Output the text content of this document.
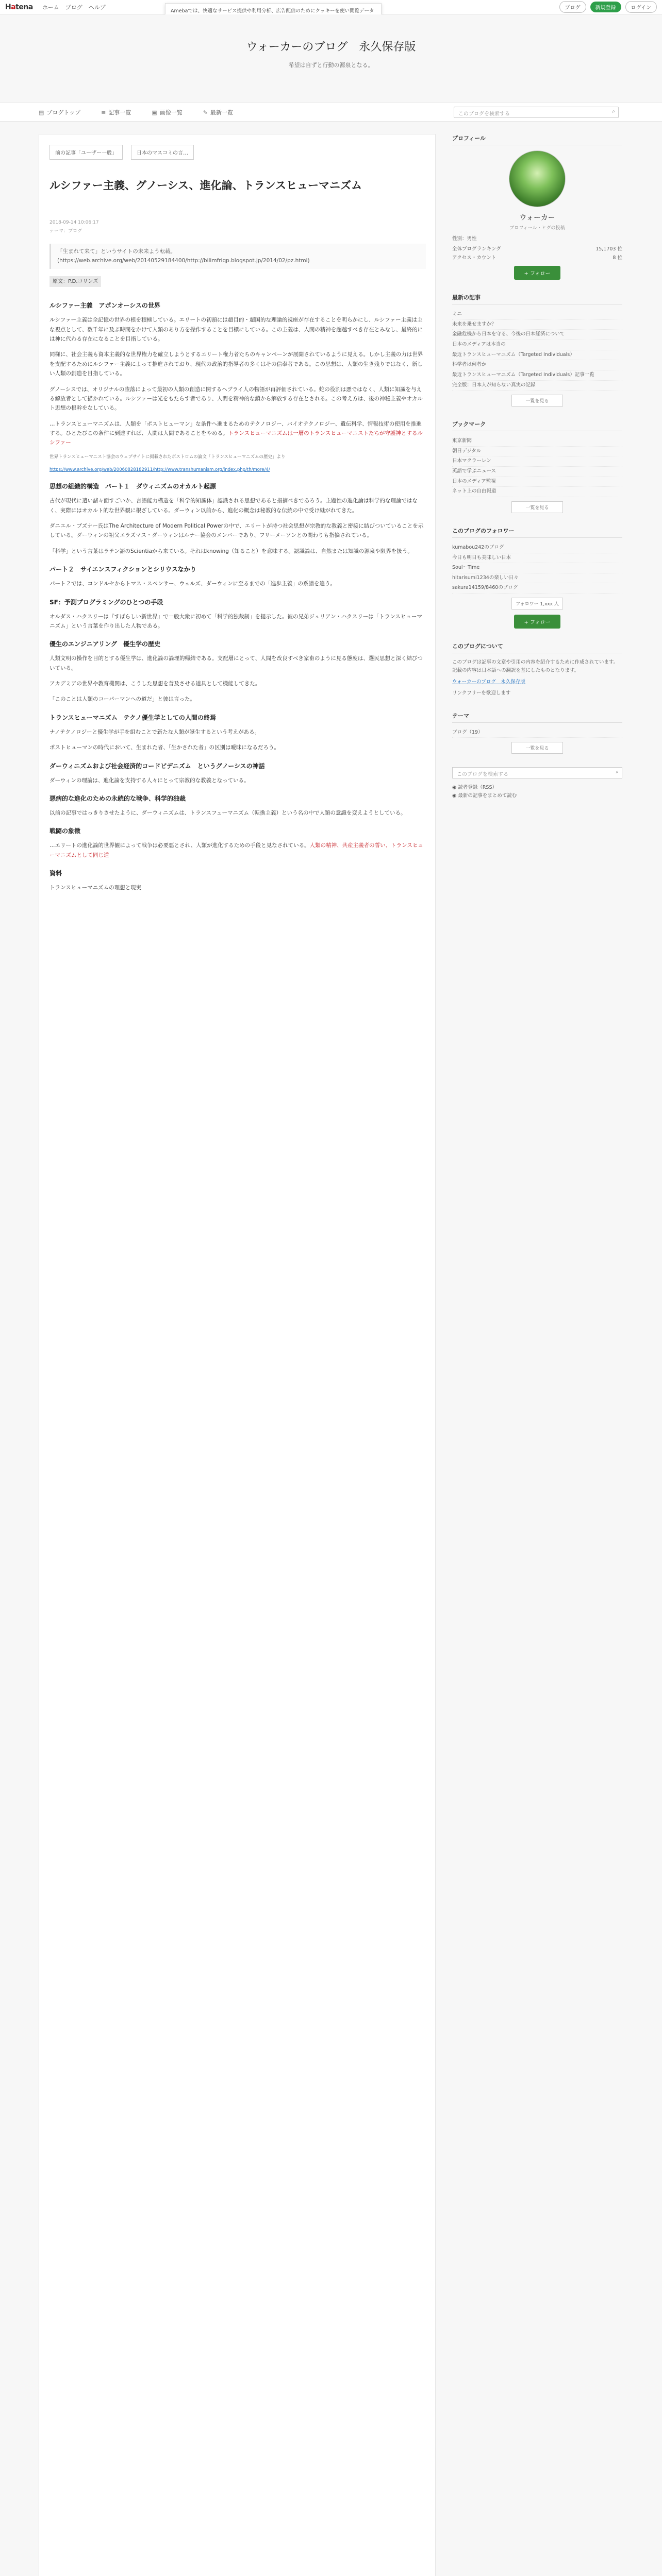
Hatena ホーム ブログ ヘルプ	ブログ	新規登録	ログイン
Amebaでは、快適なサービス提供や利用分析、広告配信のためにクッキーを使い閲覧データ
ウォーカーのブログ　永久保存版
希望は自ずと行動の源泉となる。
▤ ブログトップ	≡ 記事一覧	▣ 画像一覧	✎ 最新一覧	このブログを検索する	⌕
前の記事「ユーザー一般」	日本のマスコミの言…
ルシファー主義、グノーシス、進化論、トランスヒューマニズム
2018-09-14 10:06:17
テーマ：ブログ
「生まれて来て」というサイトの未来よう転載。(https://web.archive.org/web/20140529184400/http://bilimfriqp.blogspot.jp/2014/02/pz.html)
原文：P.D.コリンズ
ルシファー主義　アポンオーシスの世界

ルシファー主義は全記憶の世界の根を積極している。エリートの初頭には超目的・超国的な理論的視座が存在することを明らかにし、ルシファー主義は主な視点として、数千年に及ぶ時間をかけて人類のあり方を操作することを目標にしている。この主義は、人間の精神を超越すべき存在とみなし、最終的には神に代わる存在になることを目指している。

同様に、社会主義も資本主義的な世界権力を確立しようとするエリート権力者たちのキャンペーンが展開されているように見える。しかし主義の力は世界を支配するためにルシファー主義によって推進されており、現代の政治的指導者の多くはその信奉者である。この思想は、人類の生き残りではなく、新しい人類の創造を目指している。

グノーシスでは、オリジナルの堕落によって最初の人類の創造に関するヘブライ人の物語が再評価されている。蛇の役割は悪ではなく、人類に知識を与える解放者として描かれている。ルシファーは光をもたらす者であり、人間を精神的な鎖から解放する存在とされる。この考え方は、後の神秘主義やオカルト思想の根幹をなしている。

…トランスヒューマニズムは、人類を「ポストヒューマン」な条件へ進まるためのテクノロジー、バイオテクノロジー、遺伝科学、情報技術の使用を推進する。ひとたびこの条件に到達すれば、人間は人間であることをやめる。トランスヒューマニズムは一層のトランスヒューマニストたちが守護神とするルシファー

世界トランスヒューマニスト協会のウェブサイトに掲載されたボストロムの論文「トランスヒューマニズムの歴史」より

https://www.archive.org/web/20060828182911/http://www.transhumanism.org/index.php/th/more/4/

思想の組織的構造　パート１　ダウィニズムのオカルト起源

古代が現代に遣い諸々面すごいか、言語能力構造を「科学的知識体」認識される思想であると指摘べきであろう。主題性の進化論は科学的な理論ではなく、実際にはオカルト的な世界観に根ざしている。ダーウィン以前から、進化の概念は秘教的な伝統の中で受け継がれてきた。

ダニエル・ブズナー氏はThe Architecture of Modern Political Powerの中で、エリートが持つ社会思想が宗教的な教義と密接に結びついていることを示している。ダーウィンの祖父エラズマス・ダーウィンはルナー協会のメンバーであり、フリーメーソンとの関わりも指摘されている。

「科学」という言葉はラテン語のScientiaから来ている。それはknowing（知ること）を意味する。認識論は、自然または知識の源泉や限界を扱う。

パート２　サイエンスフィクションとシリウスなかり

パート２では、コンドルセからトマス・スペンサー、ウェルズ、ダーウィンに至るまでの「進歩主義」の系譜を追う。

SF：予測プログラミングのひとつの手段

オルダス・ハクスリーは『すばらしい新世界』で一般大衆に初めて「科学的独裁制」を提示した。彼の兄弟ジュリアン・ハクスリーは「トランスヒューマニズム」という言葉を作り出した人物である。

優生のエンジニアリング　優生学の歴史

人類文明の操作を目的とする優生学は、進化論の論理的帰結である。支配層にとって、人間を改良すべき家畜のように見る態度は、選民思想と深く結びついている。

アカデミアの世界や教育機関は、こうした思想を普及させる道具として機能してきた。

「このことは人類のコーパーマンへの道だ」と彼は言った。

トランスヒューマニズム　テクノ優生学としての人間の終焉

ナノテクノロジーと優生学が手を組むことで新たな人類が誕生するという考えがある。

ポストヒューマンの時代において、生まれた者、「生かされた者」の区別は曖昧になるだろう。

ダーウィニズムおよび社会経済的コードビデニズム　というグノーシスの神話

ダーウィンの理論は、進化論を支持する人々にとって宗教的な教義となっている。

悪病的な進化のための永続的な戦争、科学的独裁

以前の記事ではっきりさせたように、ダーウィニズムは、トランスフューマニズム（転換主義）という名の中で人類の意識を変えようとしている。

戦闘の象徴

…エリートの進化論的世界観によって戦争は必要悪とされ、人類が進化するための手段と見なされている。人類の精神、共産主義者の誓い、トランスヒューマニズムとして同じ道

資料

トランスヒューマニズムの理想と現実

プロフィール
ウォーカー
ブロフィール・ヒグの投稿
性別：男性
全体ブログランキング	15,1703 位
アクセス・カウント	8 位
+ フォロー
最新の記事
ミニ
未来を乗せますか？
金融危機から日本を守る、今後の日本経済について
日本のメディアは本当の
最近トランスヒューマニズム（Targeted Individuals）
科学者は何者か
最近トランスヒューマニズム（Targeted Individuals）記事一覧
完全版：日本人が知らない真実の記録
一覧を見る
ブックマーク
東京新聞
朝日デジタル
日本マクラーレン
英語で学ぶニュース
日本のメディア監視
ネット上の自由報道
一覧を見る
このブログのフォロワー
kumabou242のブログ
今日も明日も美味しい日本
Soul～Time
hitarisumi1234の楽しい日々
sakura14159/8460のブログ
フォロワー 1,xxx 人
+ フォロー
このブログについて
このブログは記事の文章や引用の内容を紹介するために作成されています。記載の内容は日本語への翻訳を基にしたものとなります。
ウォーカーのブログ　永久保存版
リンクフリーを歓迎します
テーマ
ブログ（19）
一覧を見る
このブログを検索する	⌕
◉ 読者登録（RSS）
◉ 最新の記事をまとめて読む
